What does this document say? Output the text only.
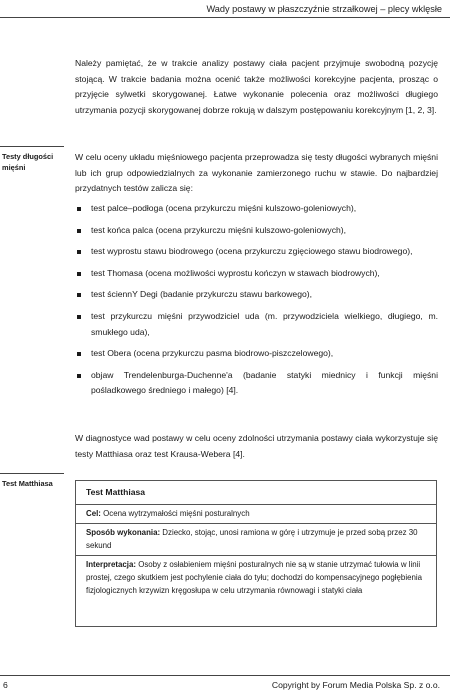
Wady postawy w płaszczyźnie strzałkowej – plecy wklęsłe

Należy pamiętać, że w trakcie analizy postawy ciała pacjent przyjmuje swobodną pozycję stojącą. W trakcie badania można ocenić także możliwości korekcyjne pacjenta, prosząc o przyjęcie sylwetki skorygowanej. Łatwe wykonanie polecenia oraz możliwości długiego utrzymania pozycji skorygowanej dobrze rokują w dalszym postępowaniu korekcyjnym [1, 2, 3].

Testy długości mięśni

W celu oceny układu mięśniowego pacjenta przeprowadza się testy długości wybranych mięśni lub ich grup odpowiedzialnych za wykonanie zamierzonego ruchu w stawie. Do najbardziej przydatnych testów zalicza się:

test palce–podłoga (ocena przykurczu mięśni kulszowo-goleniowych),
test końca palca (ocena przykurczu mięśni kulszowo-goleniowych),
test wyprostu stawu biodrowego (ocena przykurczu zgięciowego stawu biodrowego),
test Thomasa (ocena możliwości wyprostu kończyn w stawach biodrowych),
test ściennY Degi (badanie przykurczu stawu barkowego),
test przykurczu mięśni przywodziciel uda (m. przywodziciela wielkiego, długiego, m. smukłego uda),
test Obera (ocena przykurczu pasma biodrowo-piszczelowego),
objaw Trendelenburga-Duchenne'a (badanie statyki miednicy i funkcji mięśni pośladkowego średniego i małego) [4].

W diagnostyce wad postawy w celu oceny zdolności utrzymania postawy ciała wykorzystuje się testy Matthiasa oraz test Krausa-Webera [4].

Test Matthiasa
Test Matthiasa
Cel: Ocena wytrzymałości mięśni posturalnych
Sposób wykonania: Dziecko, stojąc, unosi ramiona w górę i utrzymuje je przed sobą przez 30 sekund
Interpretacja: Osoby z osłabieniem mięśni posturalnych nie są w stanie utrzymać tułowia w linii prostej, czego skutkiem jest pochylenie ciała do tyłu; dochodzi do kompensacyjnego pogłębienia fizjologicznych krzywizn kręgosłupa w celu utrzymania równowagi i statyki ciała
6	Copyright by Forum Media Polska Sp. z o.o.
